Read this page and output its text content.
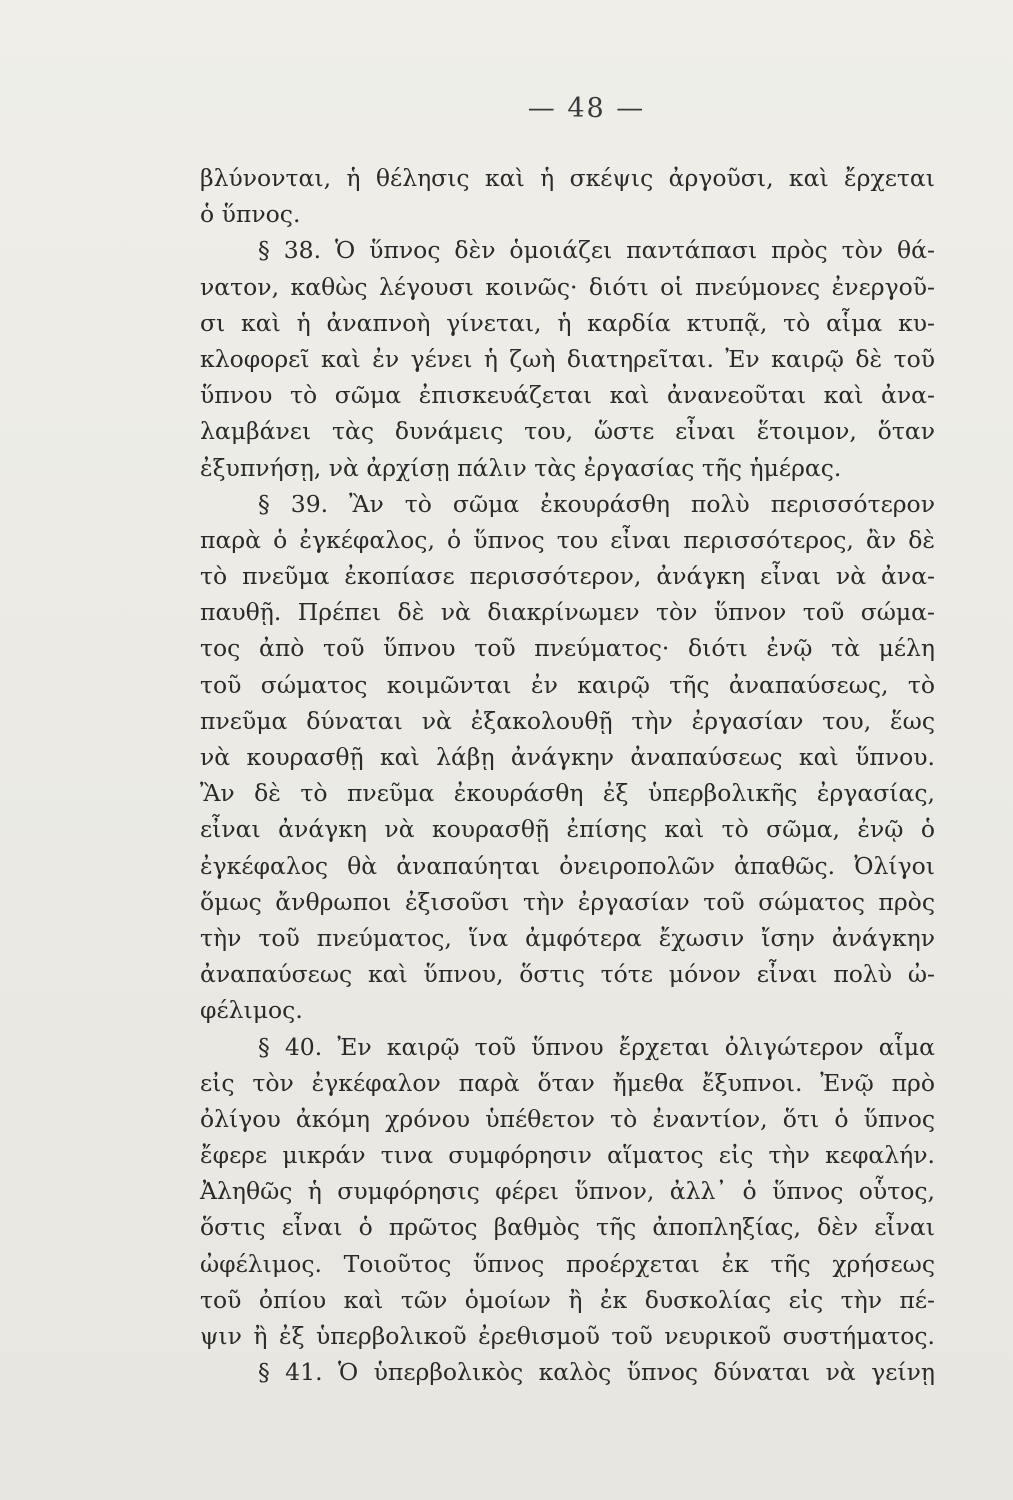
— 48 —
βλύνονται, ἡ θέλησις καὶ ἡ σκέψις ἀργοῦσι, καὶ ἔρχεται
ὁ ὕπνος.
§ 38. Ὁ ὕπνος δὲν ὁμοιάζει παντάπασι πρὸς τὸν θά-
νατον, καθὼς λέγουσι κοινῶς· διότι οἱ πνεύμονες ἐνεργοῦ-
σι καὶ ἡ ἀναπνοὴ γίνεται, ἡ καρδία κτυπᾷ, τὸ αἷμα κυ-
κλοφορεῖ καὶ ἐν γένει ἡ ζωὴ διατηρεῖται. Ἐν καιρῷ δὲ τοῦ
ὕπνου τὸ σῶμα ἐπισκευάζεται καὶ ἀνανεοῦται καὶ ἀνα-
λαμβάνει τὰς δυνάμεις του, ὥστε εἶναι ἕτοιμον, ὅταν
ἐξυπνήσῃ, νὰ ἀρχίσῃ πάλιν τὰς ἐργασίας τῆς ἡμέρας.
§ 39. Ἂν τὸ σῶμα ἐκουράσθη πολὺ περισσότερον
παρὰ ὁ ἐγκέφαλος, ὁ ὕπνος του εἶναι περισσότερος, ἂν δὲ
τὸ πνεῦμα ἐκοπίασε περισσότερον, ἀνάγκη εἶναι νὰ ἀνα-
παυθῇ. Πρέπει δὲ νὰ διακρίνωμεν τὸν ὕπνον τοῦ σώμα-
τος ἀπὸ τοῦ ὕπνου τοῦ πνεύματος· διότι ἐνῷ τὰ μέλη
τοῦ σώματος κοιμῶνται ἐν καιρῷ τῆς ἀναπαύσεως, τὸ
πνεῦμα δύναται νὰ ἐξακολουθῇ τὴν ἐργασίαν του, ἕως
νὰ κουρασθῇ καὶ λάβῃ ἀνάγκην ἀναπαύσεως καὶ ὕπνου.
Ἂν δὲ τὸ πνεῦμα ἐκουράσθη ἐξ ὑπερβολικῆς ἐργασίας,
εἶναι ἀνάγκη νὰ κουρασθῇ ἐπίσης καὶ τὸ σῶμα, ἐνῷ ὁ
ἐγκέφαλος θὰ ἀναπαύηται ὀνειροπολῶν ἀπαθῶς. Ὀλίγοι
ὅμως ἄνθρωποι ἐξισοῦσι τὴν ἐργασίαν τοῦ σώματος πρὸς
τὴν τοῦ πνεύματος, ἵνα ἀμφότερα ἔχωσιν ἴσην ἀνάγκην
ἀναπαύσεως καὶ ὕπνου, ὅστις τότε μόνον εἶναι πολὺ ὠ-
φέλιμος.
§ 40. Ἐν καιρῷ τοῦ ὕπνου ἔρχεται ὀλιγώτερον αἷμα
εἰς τὸν ἐγκέφαλον παρὰ ὅταν ἤμεθα ἔξυπνοι. Ἐνῷ πρὸ
ὀλίγου ἀκόμη χρόνου ὑπέθετον τὸ ἐναντίον, ὅτι ὁ ὕπνος
ἔφερε μικράν τινα συμφόρησιν αἵματος εἰς τὴν κεφαλήν.
Ἀληθῶς ἡ συμφόρησις φέρει ὕπνον, ἀλλ᾽ ὁ ὕπνος οὗτος,
ὅστις εἶναι ὁ πρῶτος βαθμὸς τῆς ἀποπληξίας, δὲν εἶναι
ὠφέλιμος. Τοιοῦτος ὕπνος προέρχεται ἐκ τῆς χρήσεως
τοῦ ὀπίου καὶ τῶν ὁμοίων ἢ ἐκ δυσκολίας εἰς τὴν πέ-
ψιν ἢ ἐξ ὑπερβολικοῦ ἐρεθισμοῦ τοῦ νευρικοῦ συστήματος.
§ 41. Ὁ ὑπερβολικὸς καλὸς ὕπνος δύναται νὰ γείνῃ
